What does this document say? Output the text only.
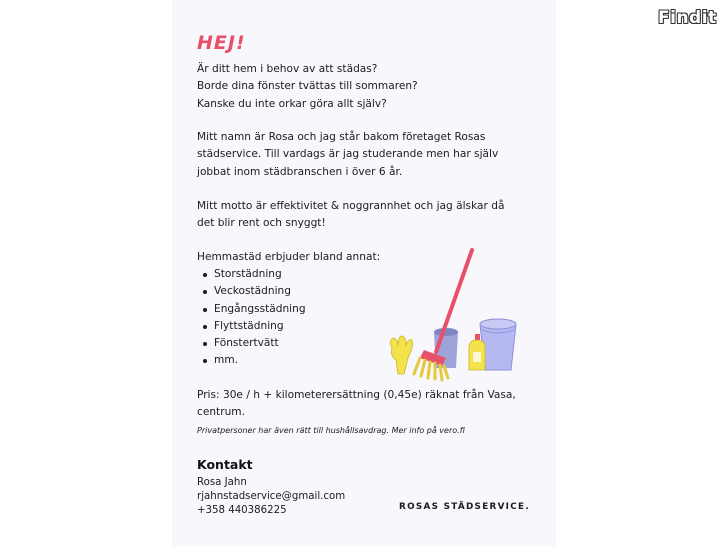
Findit
HEJ!

Är ditt hem i behov av att städas?
Borde dina fönster tvättas till sommaren?
Kanske du inte orkar göra allt själv?

Mitt namn är Rosa och jag står bakom företaget Rosas
städservice. Till vardags är jag studerande men har själv
jobbat inom städbranschen i över 6 år.

Mitt motto är effektivitet & noggrannhet och jag älskar då
det blir rent och snyggt!

Hemmastäd erbjuder bland annat:

Storstädning
Veckostädning
Engångsstädning
Flyttstädning
Fönstertvätt
mm.

Pris: 30e / h + kilometerersättning (0,45e) räknat från Vasa,
centrum.

Privatpersoner har även rätt till hushållsavdrag. Mer info på vero.fi
Kontakt
Rosa Jahn
rjahnstadservice@gmail.com
+358 440386225	ROSAS STÄDSERVICE.
